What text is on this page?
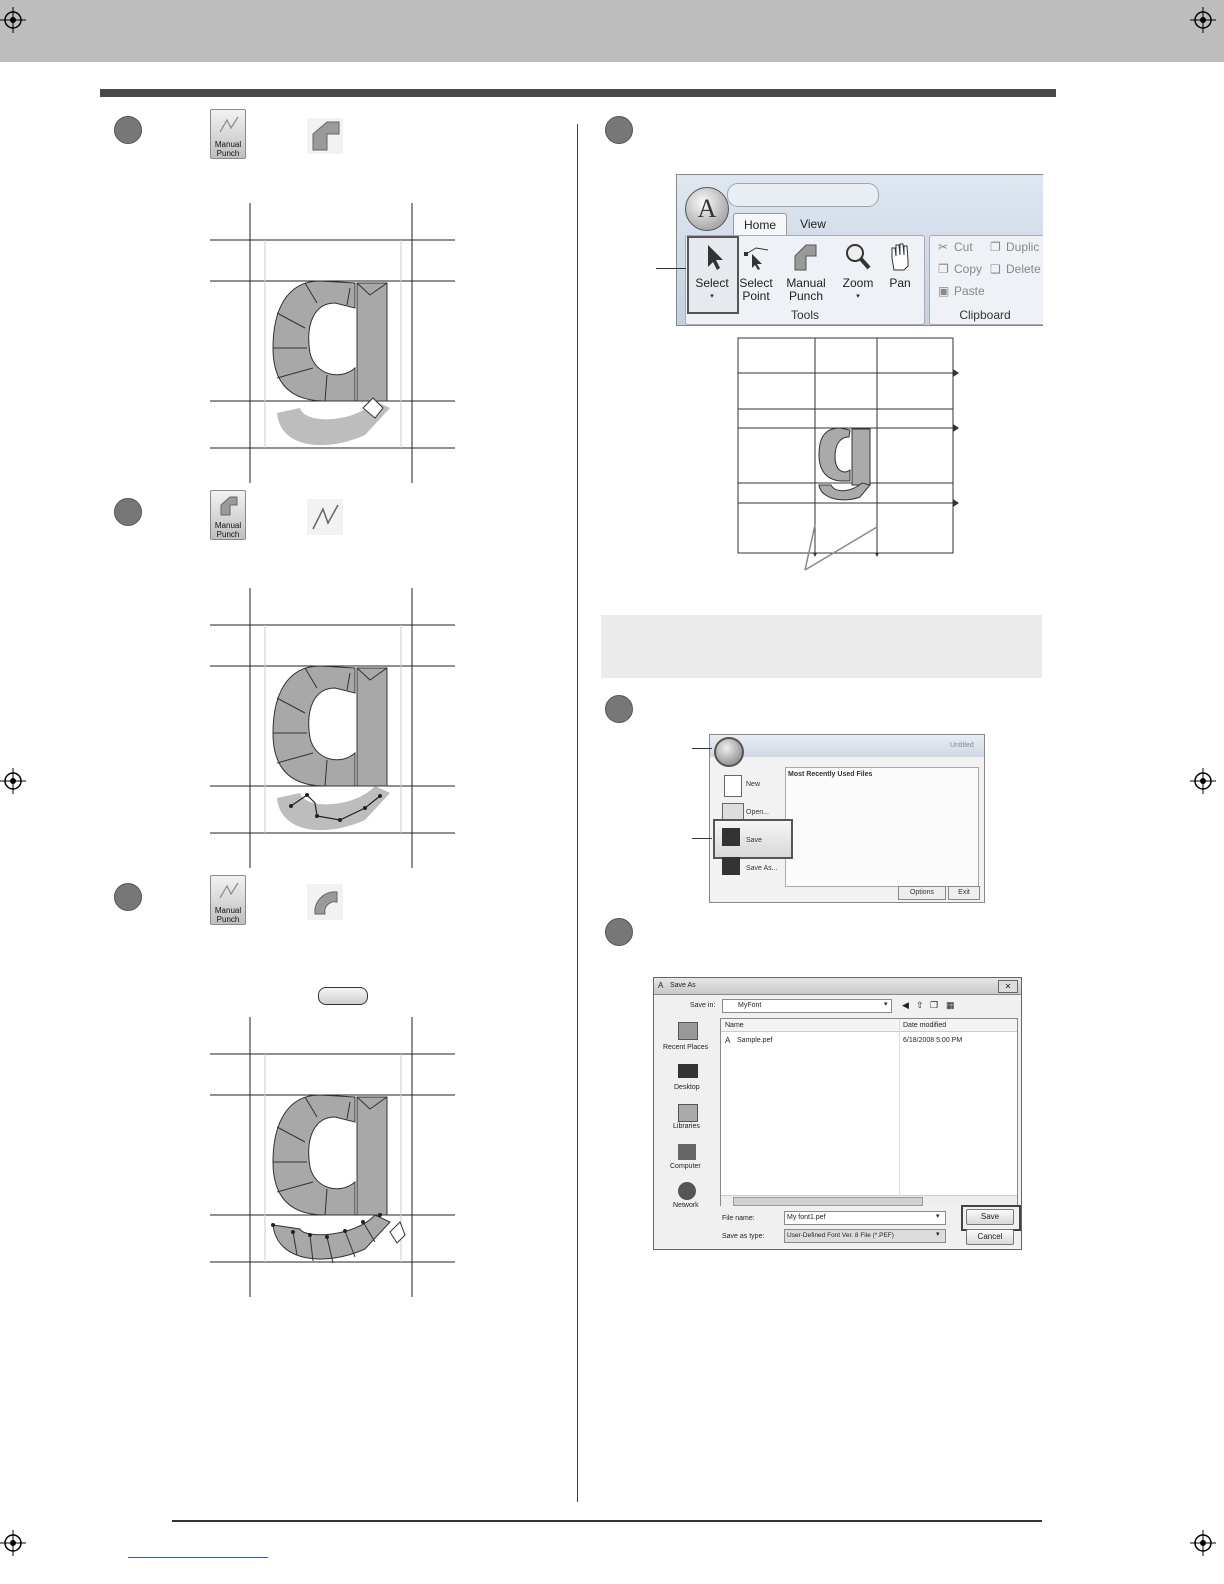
Manual
Punch
Manual
Punch
Manual
Punch
A
Home	View
Select
▾
Select
Point
Manual
Punch
Zoom
▾
Pan
Tools
✂ Cut
❐ Copy
▣ Paste
❐ Duplic
❏ Delete
Clipboard
Untitled
Most Recently Used Files
New
Open...
Save
Save As...
Options	Exit
A Save As	✕
Save in:	MyFont	▾ ◀ ⇧ ❐ ▦
Recent Places
Desktop
Libraries
Computer
Network
Name	Date modified
A Sample.pef	6/18/2008 5:00 PM
File name:	My font1.pef	▾
Save as type:	User-Defined Font Ver. 8 File (*.PEF)	▾
Save
Cancel
